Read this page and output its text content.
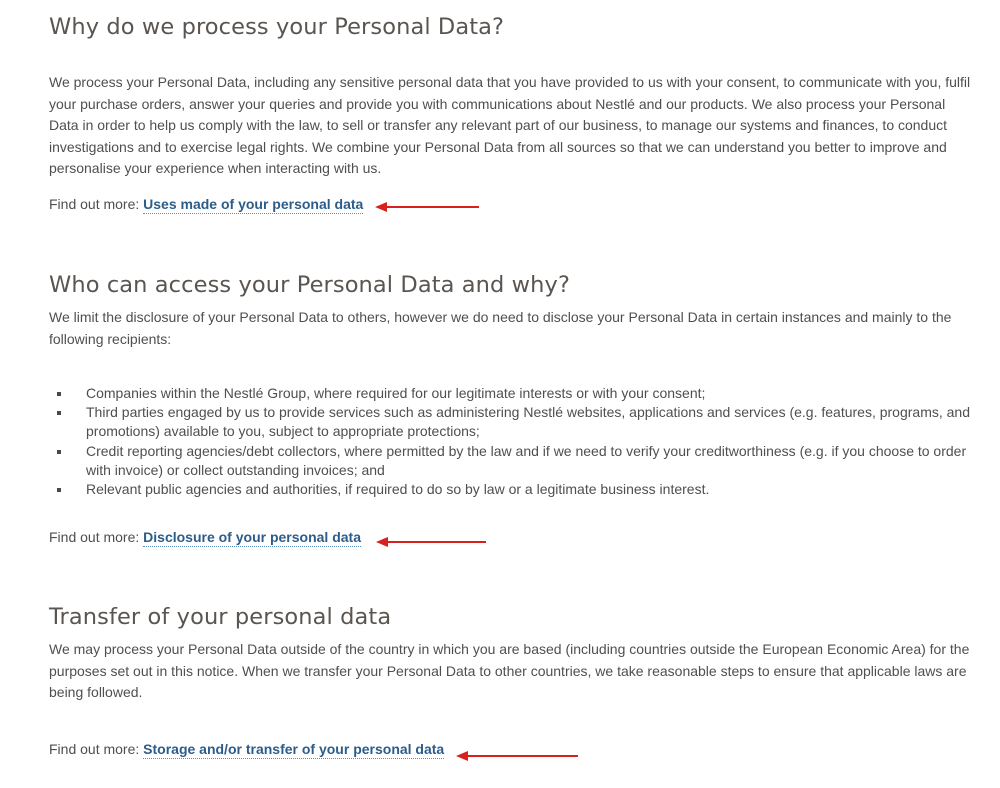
Why do we process your Personal Data?

We process your Personal Data, including any sensitive personal data that you have provided to us with your consent, to communicate with you, fulfil your purchase orders, answer your queries and provide you with communications about Nestlé and our products. We also process your Personal Data in order to help us comply with the law, to sell or transfer any relevant part of our business, to manage our systems and finances, to conduct investigations and to exercise legal rights. We combine your Personal Data from all sources so that we can understand you better to improve and personalise your experience when interacting with us.

Find out more: Uses made of your personal data
Who can access your Personal Data and why?

We limit the disclosure of your Personal Data to others, however we do need to disclose your Personal Data in certain instances and mainly to the following recipients:

Companies within the Nestlé Group, where required for our legitimate interests or with your consent;
Third parties engaged by us to provide services such as administering Nestlé websites, applications and services (e.g. features, programs, and promotions) available to you, subject to appropriate protections;
Credit reporting agencies/debt collectors, where permitted by the law and if we need to verify your creditworthiness (e.g. if you choose to order with invoice) or collect outstanding invoices; and
Relevant public agencies and authorities, if required to do so by law or a legitimate business interest.
Find out more: Disclosure of your personal data
Transfer of your personal data

We may process your Personal Data outside of the country in which you are based (including countries outside the European Economic Area) for the purposes set out in this notice. When we transfer your Personal Data to other countries, we take reasonable steps to ensure that applicable laws are being followed.

Find out more: Storage and/or transfer of your personal data
